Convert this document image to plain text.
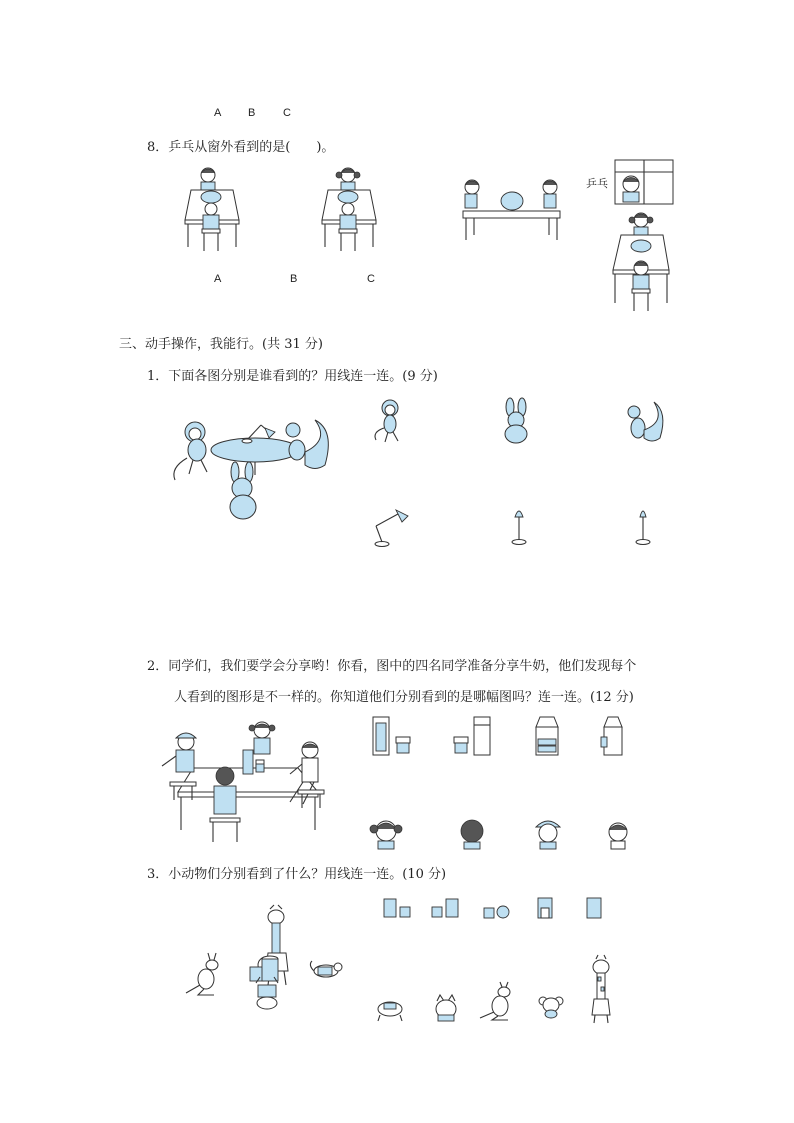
A B	C
8．乒乓从窗外看到的是(　　)。
A	B	C
乒乓
三、动手操作，我能行。(共 31 分)
1．下面各图分别是谁看到的？用线连一连。(9 分)
2．同学们，我们要学会分享哟！你看，图中的四名同学准备分享牛奶，他们发现每个
人看到的图形是不一样的。你知道他们分别看到的是哪幅图吗？连一连。(12 分)
3．小动物们分别看到了什么？用线连一连。(10 分)
